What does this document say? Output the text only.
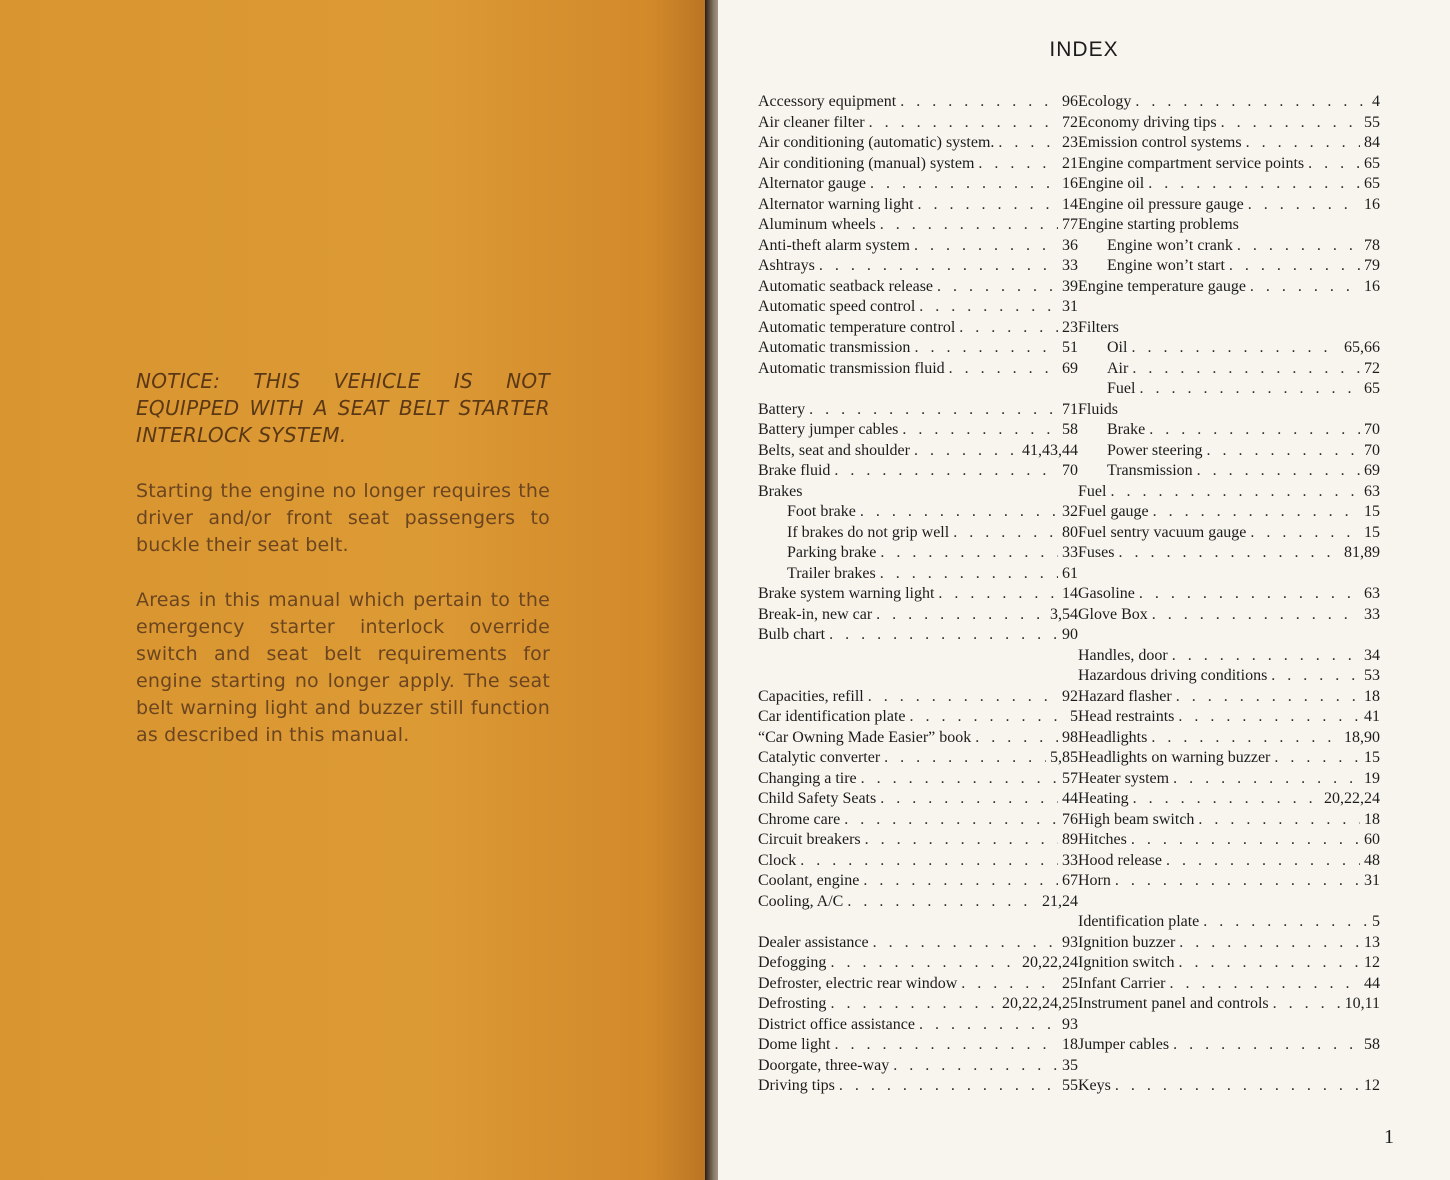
NOTICE: THIS VEHICLE IS NOT EQUIPPED WITH A SEAT BELT STARTER INTERLOCK SYSTEM.
Starting the engine no longer requires the driver and/or front seat passengers to buckle their seat belt.
Areas in this manual which pertain to the emergency starter interlock override switch and seat belt requirements for engine starting no longer apply. The seat belt warning light and buzzer still function as described in this manual.
INDEX
Accessory equipment . . .	96
Air cleaner filter . . .	72
Air conditioning (automatic) system. . . .	23
Air conditioning (manual) system . . .	21
Alternator gauge . . .	16
Alternator warning light . . .	14
Aluminum wheels . . .	77
Anti-theft alarm system . . .	36
Ashtrays . . .	33
Automatic seatback release . . .	39
Automatic speed control . . .	31
Automatic temperature control . . .	23
Automatic transmission . . .	51
Automatic transmission fluid . . .	69
Battery . . .	71
Battery jumper cables . . .	58
Belts, seat and shoulder . . .	41,43,44
Brake fluid . . .	70
Brakes
Foot brake . . .	32
If brakes do not grip well . . .	80
Parking brake . . .	33
Trailer brakes . . .	61
Brake system warning light . . .	14
Break-in, new car . . .	3,54
Bulb chart . . .	90
Capacities, refill . . .	92
Car identification plate . . .	5
“Car Owning Made Easier” book . . .	98
Catalytic converter . . .	5,85
Changing a tire . . .	57
Child Safety Seats . . .	44
Chrome care . . .	76
Circuit breakers . . .	89
Clock . . .	33
Coolant, engine . . .	67
Cooling, A/C . . .	21,24
Dealer assistance . . .	93
Defogging . . .	20,22,24
Defroster, electric rear window . . .	25
Defrosting . . .	20,22,24,25
District office assistance . . .	93
Dome light . . .	18
Doorgate, three-way . . .	35
Driving tips . . .	55
Ecology . . .	4
Economy driving tips . . .	55
Emission control systems . . .	84
Engine compartment service points . . .	65
Engine oil . . .	65
Engine oil pressure gauge . . .	16
Engine starting problems
Engine won’t crank . . .	78
Engine won’t start . . .	79
Engine temperature gauge . . .	16
Filters
Oil . . .	65,66
Air . . .	72
Fuel . . .	65
Fluids
Brake . . .	70
Power steering . . .	70
Transmission . . .	69
Fuel . . .	63
Fuel gauge . . .	15
Fuel sentry vacuum gauge . . .	15
Fuses . . .	81,89
Gasoline . . .	63
Glove Box . . .	33
Handles, door . . .	34
Hazardous driving conditions . . .	53
Hazard flasher . . .	18
Head restraints . . .	41
Headlights . . .	18,90
Headlights on warning buzzer . . .	15
Heater system . . .	19
Heating . . .	20,22,24
High beam switch . . .	18
Hitches . . .	60
Hood release . . .	48
Horn . . .	31
Identification plate . . .	5
Ignition buzzer . . .	13
Ignition switch . . .	12
Infant Carrier . . .	44
Instrument panel and controls . . .	10,11
Jumper cables . . .	58
Keys . . .	12
1
